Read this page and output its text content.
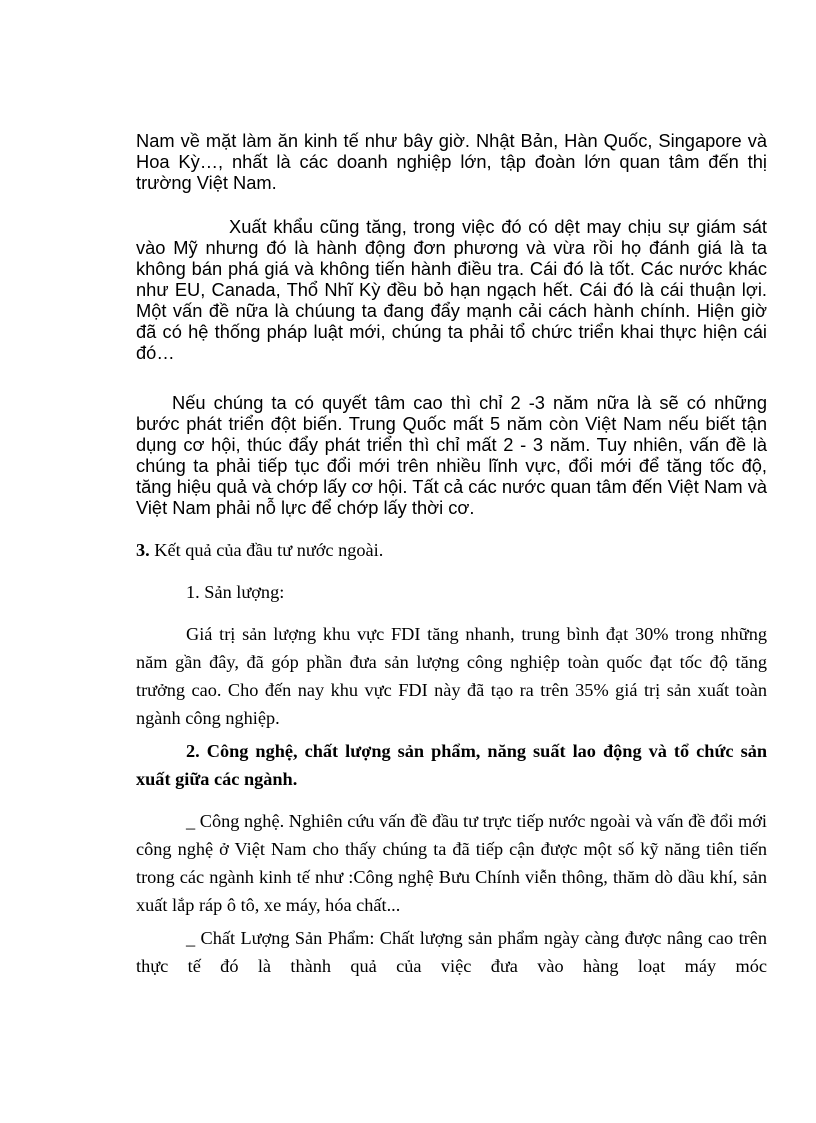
Nam về mặt làm ăn kinh tế như bây giờ. Nhật Bản, Hàn Quốc, Singapore và Hoa Kỳ…, nhất là các doanh nghiệp lớn, tập đoàn lớn quan tâm đến thị trường Việt Nam.

Xuất khẩu cũng tăng, trong việc đó có dệt may chịu sự giám sát vào Mỹ nhưng đó là hành động đơn phương và vừa rồi họ đánh giá là ta không bán phá giá và không tiến hành điều tra. Cái đó là tốt. Các nước khác như EU, Canada, Thổ Nhĩ Kỳ đều bỏ hạn ngạch hết. Cái đó là cái thuận lợi. Một vấn đề nữa là chúung ta đang đẩy mạnh cải cách hành chính. Hiện giờ đã có hệ thống pháp luật mới, chúng ta phải tổ chức triển khai thực hiện cái đó…

Nếu chúng ta có quyết tâm cao thì chỉ 2 -3 năm nữa là sẽ có những bước phát triển đột biến. Trung Quốc mất 5 năm còn Việt Nam nếu biết tận dụng cơ hội, thúc đẩy phát triển thì chỉ mất 2 - 3 năm. Tuy nhiên, vấn đề là chúng ta phải tiếp tục đổi mới trên nhiều lĩnh vực, đổi mới để tăng tốc độ, tăng hiệu quả và chớp lấy cơ hội. Tất cả các nước quan tâm đến Việt Nam và Việt Nam phải nỗ lực để chớp lấy thời cơ.

3. Kết quả của đầu tư nước ngoài.
1. Sản lượng:

Giá trị sản lượng khu vực FDI tăng nhanh, trung bình đạt 30% trong những năm gần đây, đã góp phần đưa sản lượng công nghiệp toàn quốc đạt tốc độ tăng trưởng cao. Cho đến nay khu vực FDI này đã tạo ra trên 35% giá trị sản xuất toàn ngành công nghiệp.

2. Công nghệ, chất lượng sản phẩm, năng suất lao động và tổ chức sản xuất giữa các ngành.

_ Công nghệ. Nghiên cứu vấn đề đầu tư trực tiếp nước ngoài và vấn đề đổi mới công nghệ ở Việt Nam cho thấy chúng ta đã tiếp cận được một số kỹ năng tiên tiến trong các ngành kinh tế như :Công nghệ Bưu Chính viễn thông, thăm dò dầu khí, sản xuất lắp ráp ô tô, xe máy, hóa chất...

_ Chất Lượng Sản Phẩm: Chất lượng sản phẩm ngày càng được nâng cao trên thực tế đó là thành quả của việc đưa vào hàng loạt máy móc
